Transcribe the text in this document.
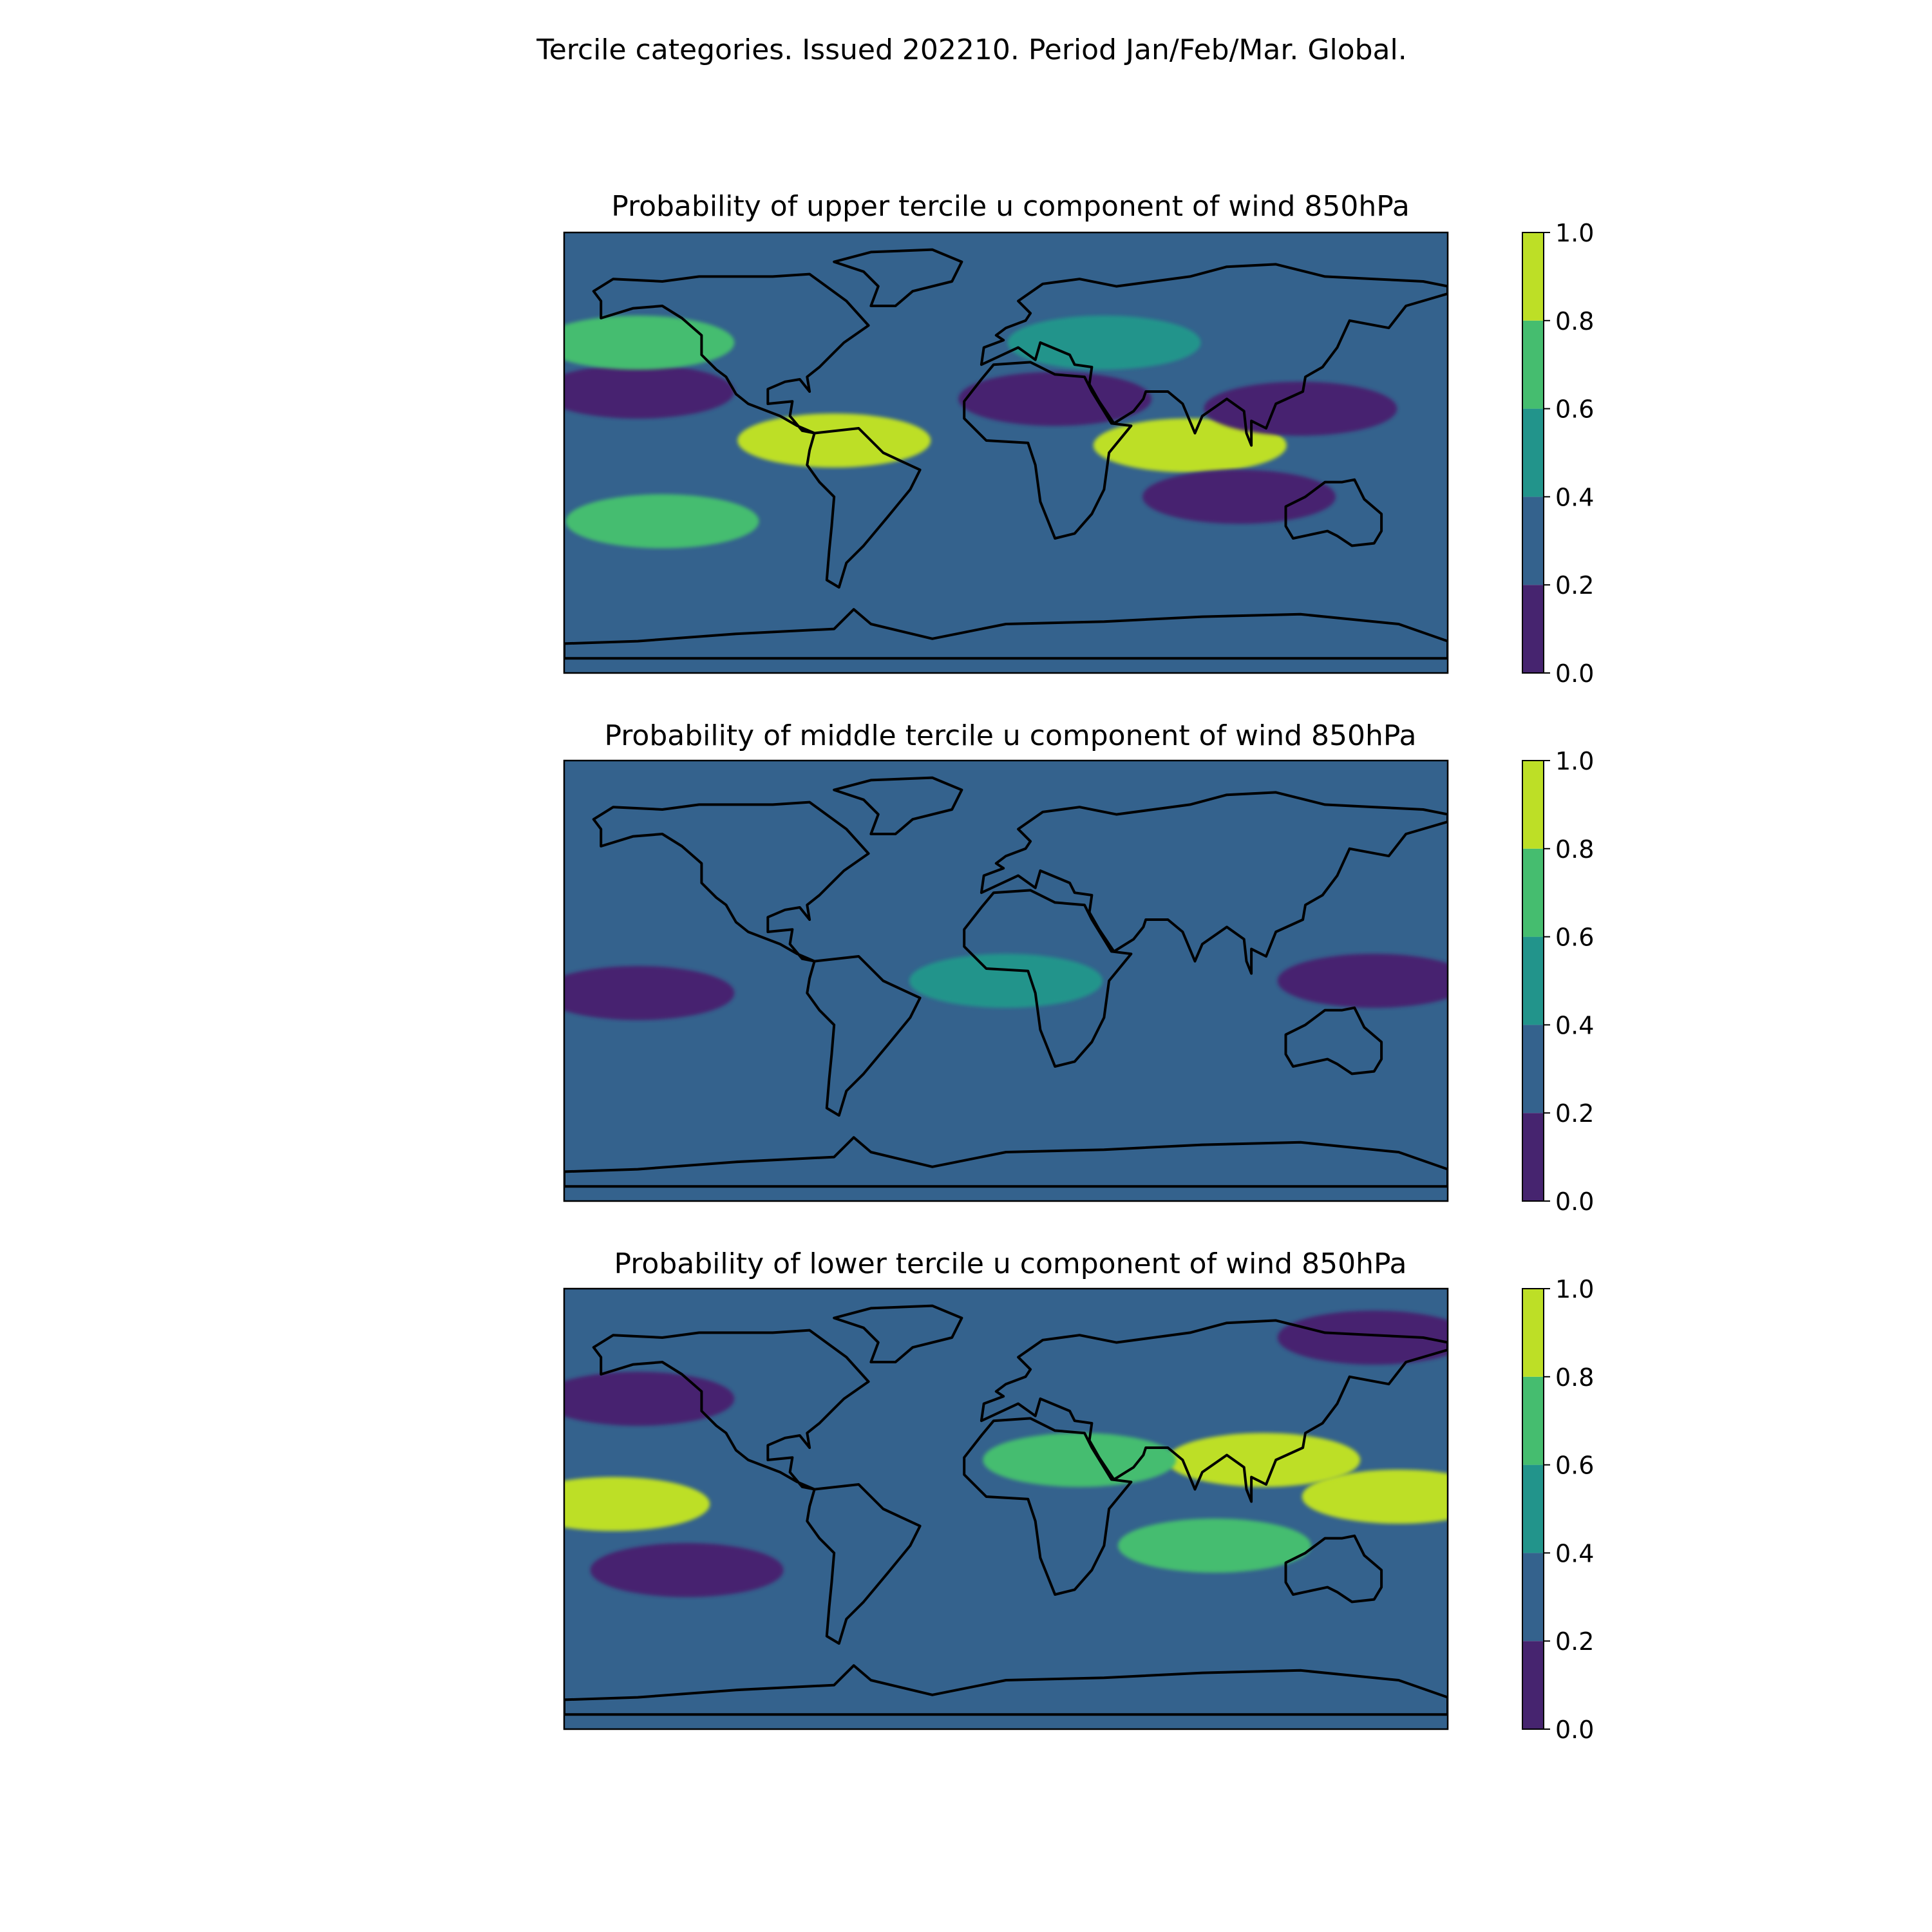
Tercile categories. Issued 202210. Period Jan/Feb/Mar. Global.
Probability of upper tercile u component of wind 850hPa
0.0
0.2
0.4
0.6
0.8
1.0
Probability of middle tercile u component of wind 850hPa
0.0
0.2
0.4
0.6
0.8
1.0
Probability of lower tercile u component of wind 850hPa
0.0
0.2
0.4
0.6
0.8
1.0
